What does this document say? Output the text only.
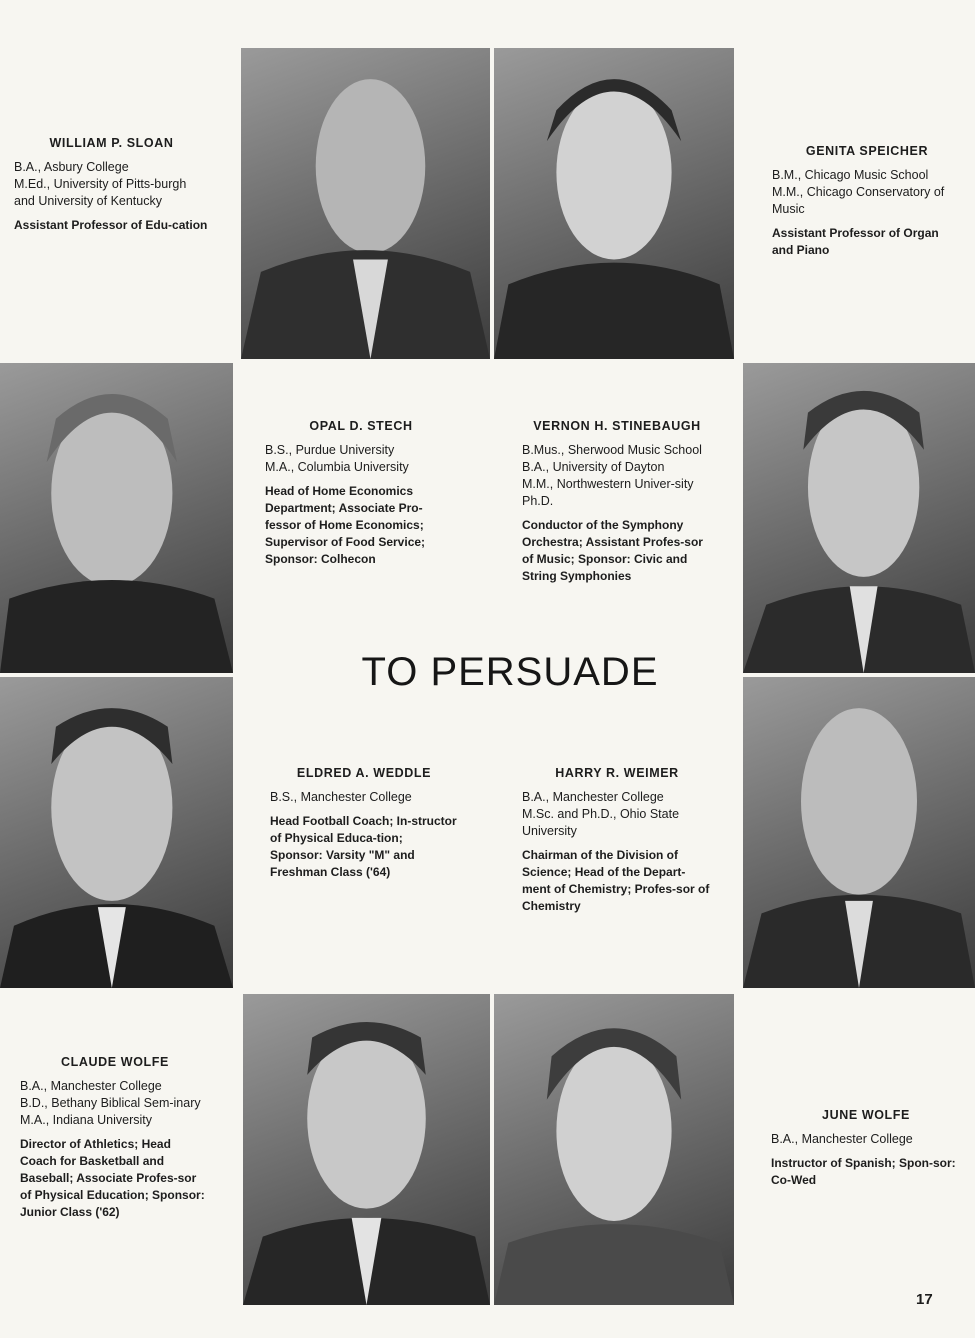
WILLIAM P. SLOAN
B.A., Asbury College
M.Ed., University of Pitts-burgh and University of Kentucky
Assistant Professor of Edu-cation
GENITA SPEICHER
B.M., Chicago Music School
M.M., Chicago Conservatory of Music
Assistant Professor of Organ and Piano
OPAL D. STECH
B.S., Purdue University
M.A., Columbia University
Head of Home Economics Department; Associate Pro-fessor of Home Economics; Supervisor of Food Service; Sponsor: Colhecon
VERNON H. STINEBAUGH
B.Mus., Sherwood Music School
B.A., University of Dayton
M.M., Northwestern Univer-sity Ph.D.
Conductor of the Symphony Orchestra; Assistant Profes-sor of Music; Sponsor: Civic and String Symphonies
TO PERSUADE
ELDRED A. WEDDLE
B.S., Manchester College
Head Football Coach; In-structor of Physical Educa-tion; Sponsor: Varsity "M" and Freshman Class ('64)
HARRY R. WEIMER
B.A., Manchester College
M.Sc. and Ph.D., Ohio State University
Chairman of the Division of Science; Head of the Depart-ment of Chemistry; Profes-sor of Chemistry
CLAUDE WOLFE
B.A., Manchester College
B.D., Bethany Biblical Sem-inary
M.A., Indiana University
Director of Athletics; Head Coach for Basketball and Baseball; Associate Profes-sor of Physical Education; Sponsor: Junior Class ('62)
JUNE WOLFE
B.A., Manchester College
Instructor of Spanish; Spon-sor: Co-Wed
17
